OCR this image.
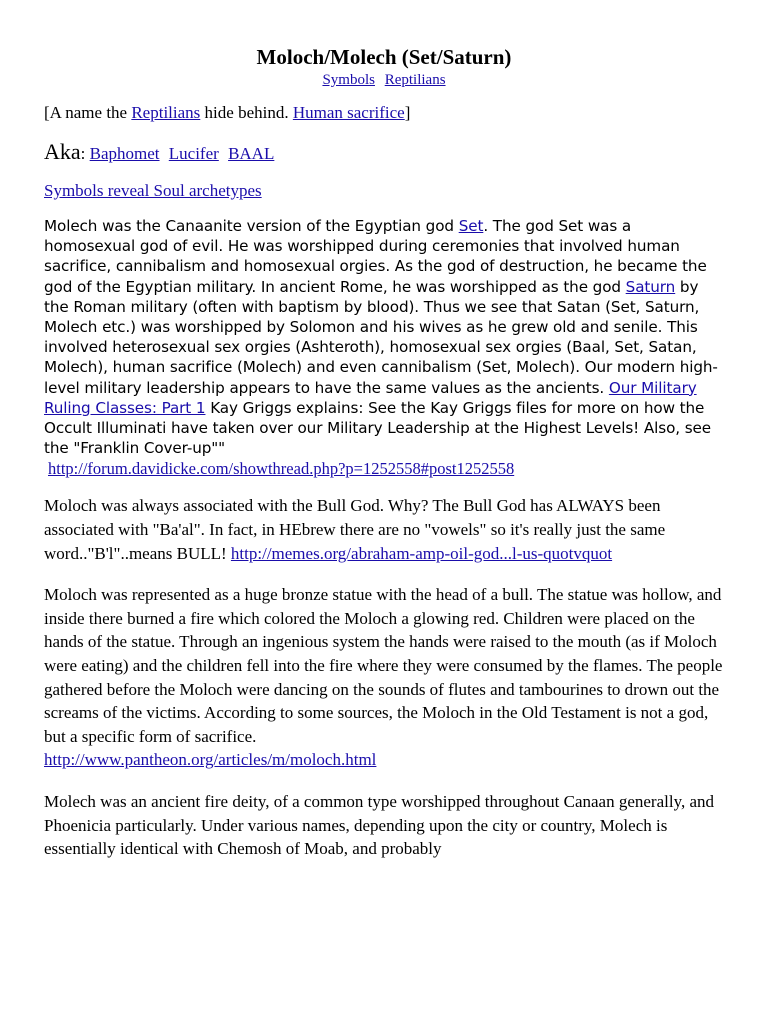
Moloch/Molech (Set/Saturn)
Symbols Reptilians

[A name the Reptilians hide behind. Human sacrifice]

Aka: Baphomet Lucifer BAAL

Symbols reveal Soul archetypes

Molech was the Canaanite version of the Egyptian god Set. The god Set was a homosexual god of evil. He was worshipped during ceremonies that involved human sacrifice, cannibalism and homosexual orgies. As the god of destruction, he became the god of the Egyptian military. In ancient Rome, he was worshipped as the god Saturn by the Roman military (often with baptism by blood). Thus we see that Satan (Set, Saturn, Molech etc.) was worshipped by Solomon and his wives as he grew old and senile. This involved heterosexual sex orgies (Ashteroth), homosexual sex orgies (Baal, Set, Satan, Molech), human sacrifice (Molech) and even cannibalism (Set, Molech). Our modern high-level military leadership appears to have the same values as the ancients. Our Military Ruling Classes: Part 1 Kay Griggs explains: See the Kay Griggs files for more on how the Occult Illuminati have taken over our Military Leadership at the Highest Levels! Also, see the "Franklin Cover-up""

http://forum.davidicke.com/showthread.php?p=1252558#post1252558

Moloch was always associated with the Bull God. Why? The Bull God has ALWAYS been associated with "Ba'al". In fact, in HEbrew there are no "vowels" so it's really just the same word.."B'l"..means BULL! http://memes.org/abraham-amp-oil-god...l-us-quotvquot

Moloch was represented as a huge bronze statue with the head of a bull. The statue was hollow, and inside there burned a fire which colored the Moloch a glowing red. Children were placed on the hands of the statue. Through an ingenious system the hands were raised to the mouth (as if Moloch were eating) and the children fell into the fire where they were consumed by the flames. The people gathered before the Moloch were dancing on the sounds of flutes and tambourines to drown out the screams of the victims. According to some sources, the Moloch in the Old Testament is not a god, but a specific form of sacrifice.
http://www.pantheon.org/articles/m/moloch.html

Molech was an ancient fire deity, of a common type worshipped throughout Canaan generally, and Phoenicia particularly. Under various names, depending upon the city or country, Molech is essentially identical with Chemosh of Moab, and probably
